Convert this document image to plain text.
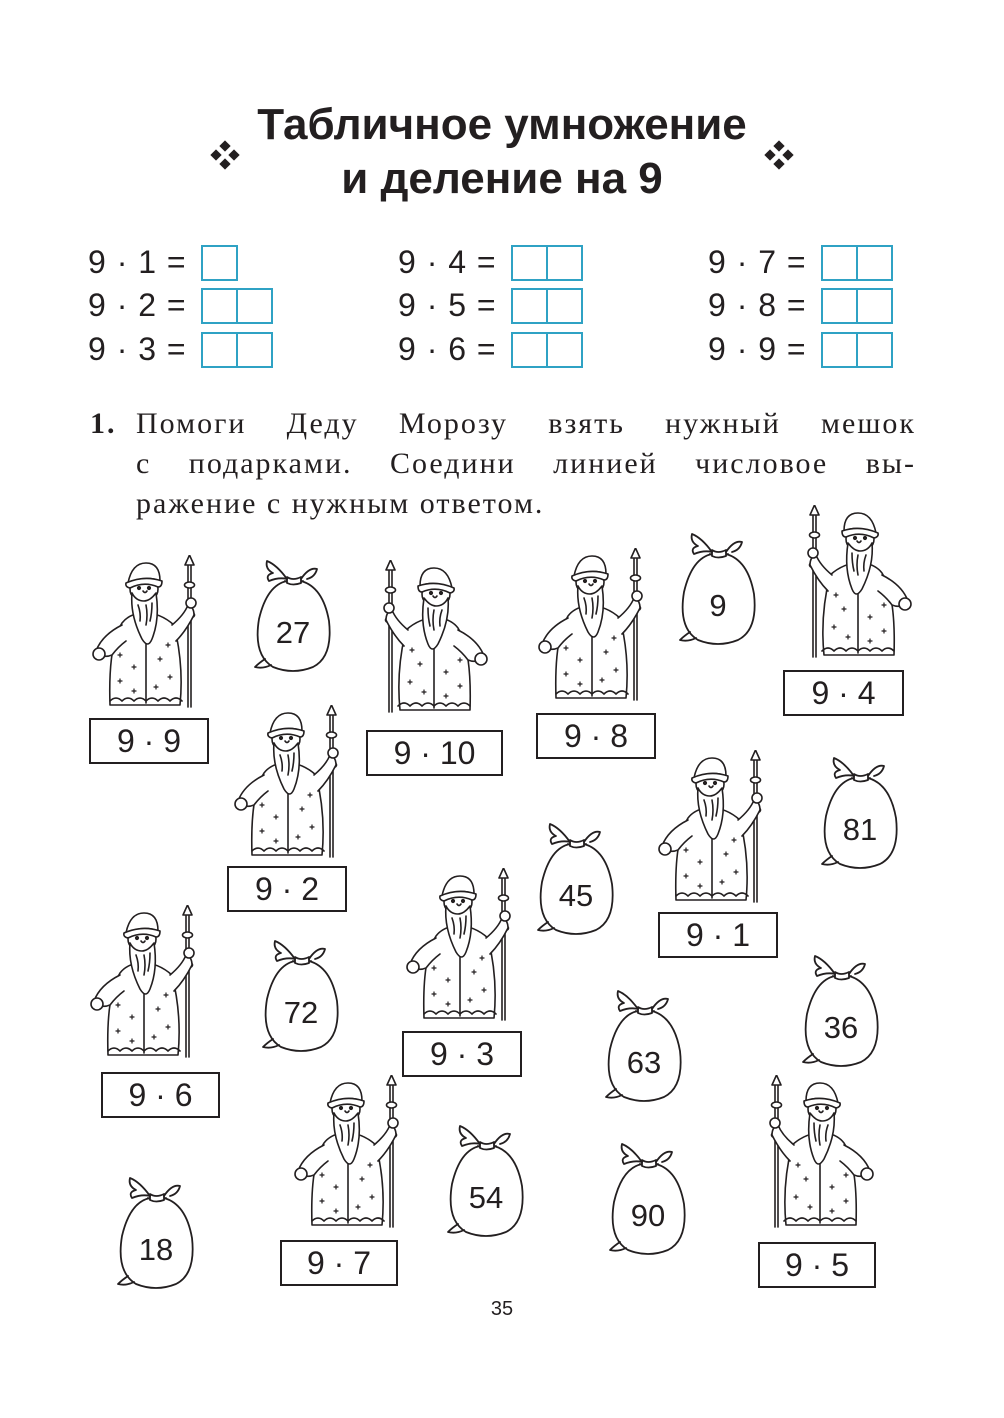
Табличное умножение
и деление на 9
9 · 1 =
9 · 2 =
9 · 3 =
9 · 4 =
9 · 5 =
9 · 6 =
9 · 7 =
9 · 8 =
9 · 9 =
1. Помоги Деду Морозу взять нужный мешок
с подарками. Соедини линией числовое вы-
ражение с нужным ответом.
9 · 9	9 · 10	9 · 8
9 · 4
9 · 2
9 · 1
9 · 3
9 · 6
9 · 7	9 · 5
27
9
81
45
72	36
63
54
90
18
35
